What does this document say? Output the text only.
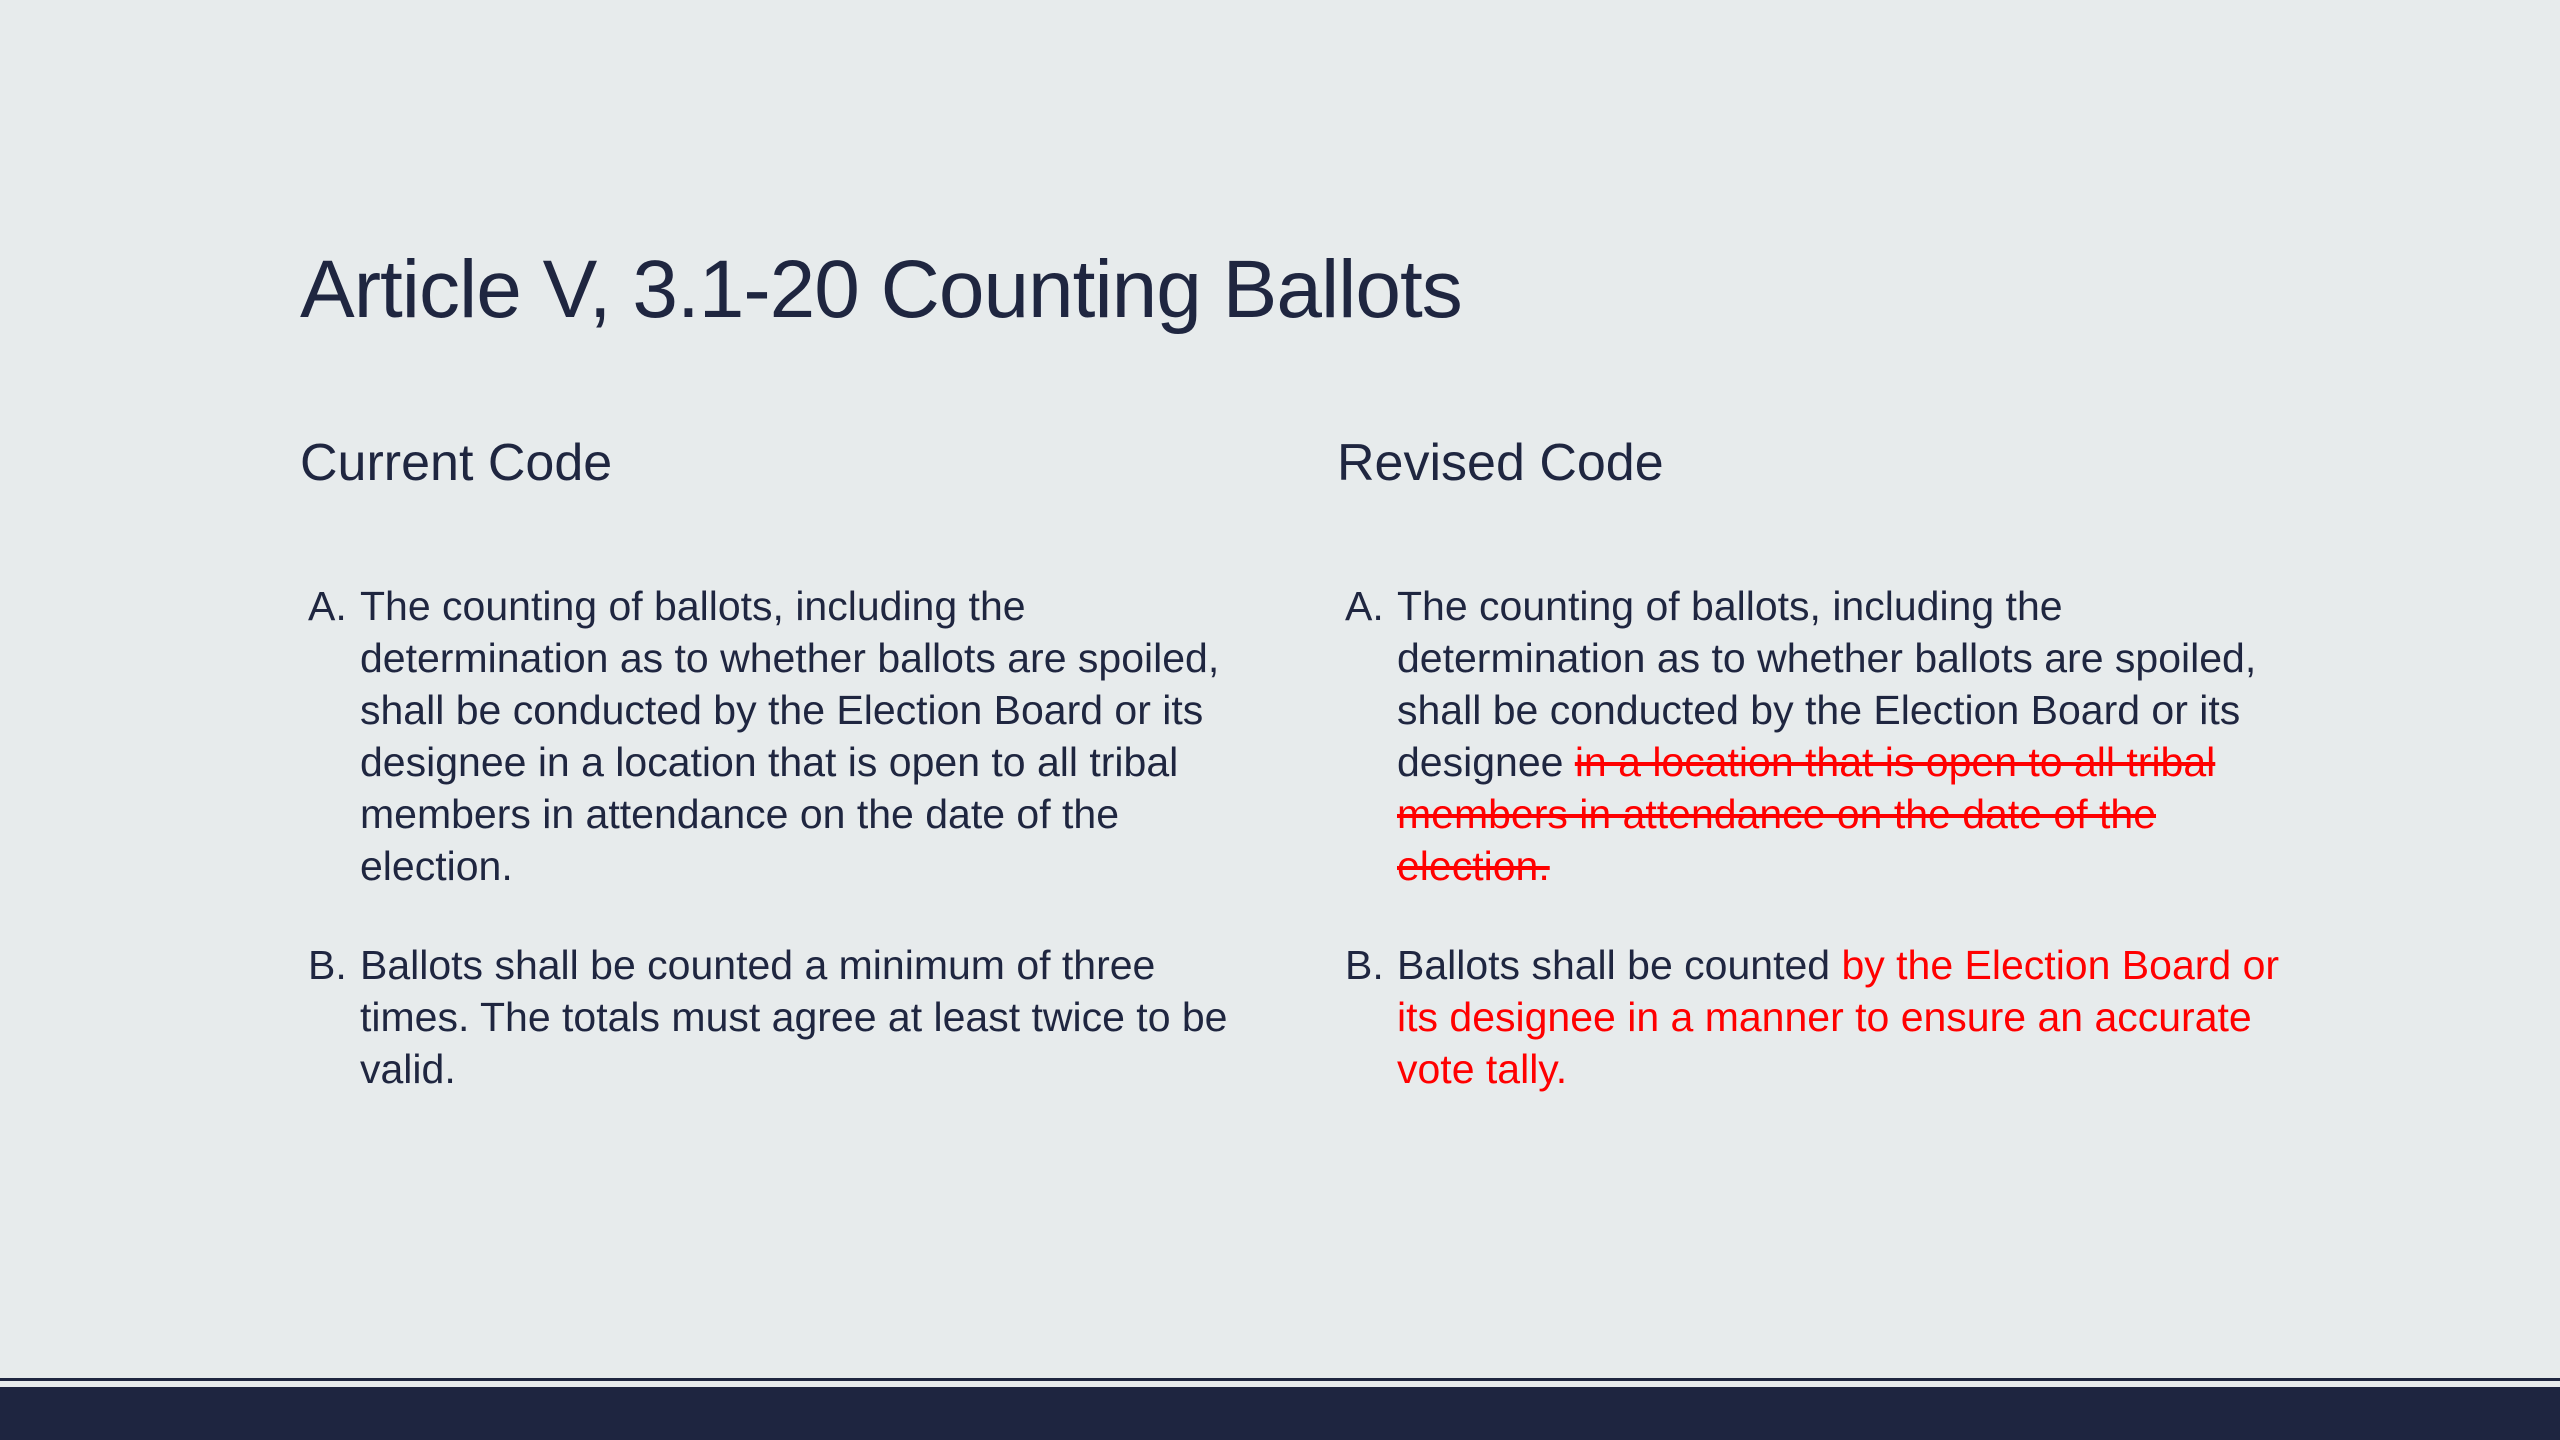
Article V, 3.1-20 Counting Ballots
Current Code
A. The counting of ballots, including the determination as to whether ballots are spoiled, shall be conducted by the Election Board or its designee in a location that is open to all tribal members in attendance on the date of the election.
B. Ballots shall be counted a minimum of three times. The totals must agree at least twice to be valid.
Revised Code
A. The counting of ballots, including the determination as to whether ballots are spoiled, shall be conducted by the Election Board or its designee in a location that is open to all tribal members in attendance on the date of the election.
B. Ballots shall be counted by the Election Board or its designee in a manner to ensure an accurate vote tally.
